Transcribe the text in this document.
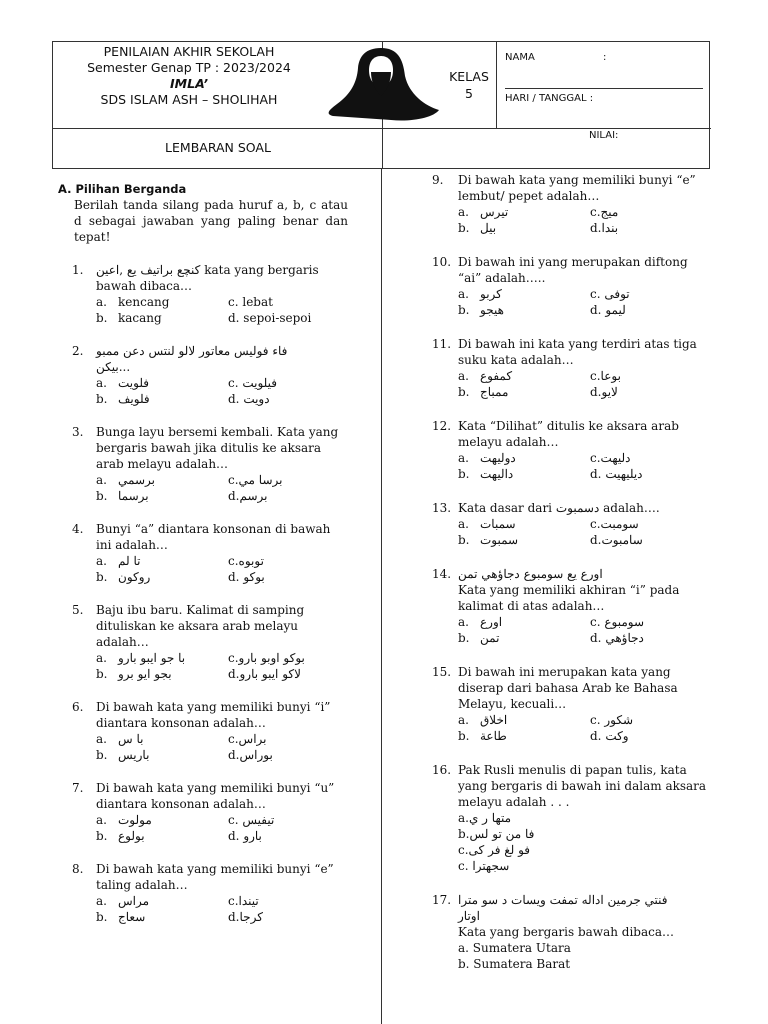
PENILAIAN AKHIR SEKOLAH
Semester Genap TP : 2023/2024
IMLA’
SDS ISLAM ASH – SHOLIHAH
KELAS
5
NAMA	:
HARI / TANGGAL :
NILAI:
LEMBARAN SOAL
A. Pilihan Berganda
Berilah tanda silang pada huruf a, b, c atau d sebagai jawaban yang paling benar dan tepat!
1. كنچع براتيف يع ,اعين kata yang bergaris
bawah dibaca…
a. kencang	c. lebat
b. kacang	d. sepoi-sepoi
2. فاء فوليس معاتور لالو لنتس دعن ممبو
بيكن...
a. فلويت	c. فيلويت
b. فلويف	d. دويت
3. Bunga layu bersemi kembali. Kata yang
bergaris bawah jika ditulis ke aksara
arab melayu adalah…
a. برسمي	c.برسا مي
b. برسما	d.برسم
4. Bunyi “a” diantara konsonan di bawah
ini adalah…
a. تا لم	c.توبوه
b. روكون	d. بوكو
5. Baju ibu baru. Kalimat di samping
dituliskan ke aksara arab melayu
adalah…
a. با جو ايبو بارو	c.بوكو اوبو بارو
b. بجو ايو برو	d.لاكو ايبو بارو
6. Di bawah kata yang memiliki bunyi “i”
diantara konsonan adalah…
a. با س	c.براس
b. باريس	d.بوراس
7. Di bawah kata yang memiliki bunyi “u”
diantara konsonan adalah…
a. مولوت	c. تيفيس
b. بولوع	d. بارو
8. Di bawah kata yang memiliki bunyi “e”
taling adalah…
a. مراس	c.تيندا
b. سعاج	d.كرجا
9. Di bawah kata yang memiliki bunyi “e”
lembut/ pepet adalah…
a. تيرس	c.ميج
b. بيل	d.بندا
10. Di bawah ini yang merupakan diftong
“ai” adalah…..
a. كربو	c. توفى
b. هيجو	d. ليمو
11. Di bawah ini kata yang terdiri atas tiga
suku kata adalah…
a. كمفوع	c.بوعا
b. ممباج	d.لايو
12. Kata “Dilihat” ditulis ke aksara arab
melayu adalah…
a. دوليهت	c.دليهت
b. داليهت	d. ديليهيت
13. Kata dasar dari دسمبوت adalah….
a. سمبات	c.سومبت
b. سمبوت	d.سامبوت
14. اورع يع سومبوع دجاؤهي تمن
Kata yang memiliki akhiran “i” pada
kalimat di atas adalah…
a. اورع	c. سومبوع
b. تمن	d. دجاؤهي
15. Di bawah ini merupakan kata yang
diserap dari bahasa Arab ke Bahasa
Melayu, kecuali…
a. اخلاق	c. شكور
b. طاعة	d. وكت
16. Pak Rusli menulis di papan tulis, kata
yang bergaris di bawah ini dalam aksara
melayu adalah . . .
a.متها ر ي
b.فا من تو لس
c.فو لغ فر كى
c. سجهترا
17. فنتي جرمين اداله تمفت ويسات د سو مترا
اوتار
Kata yang bergaris bawah dibaca…
a. Sumatera Utara
b. Sumatera Barat
